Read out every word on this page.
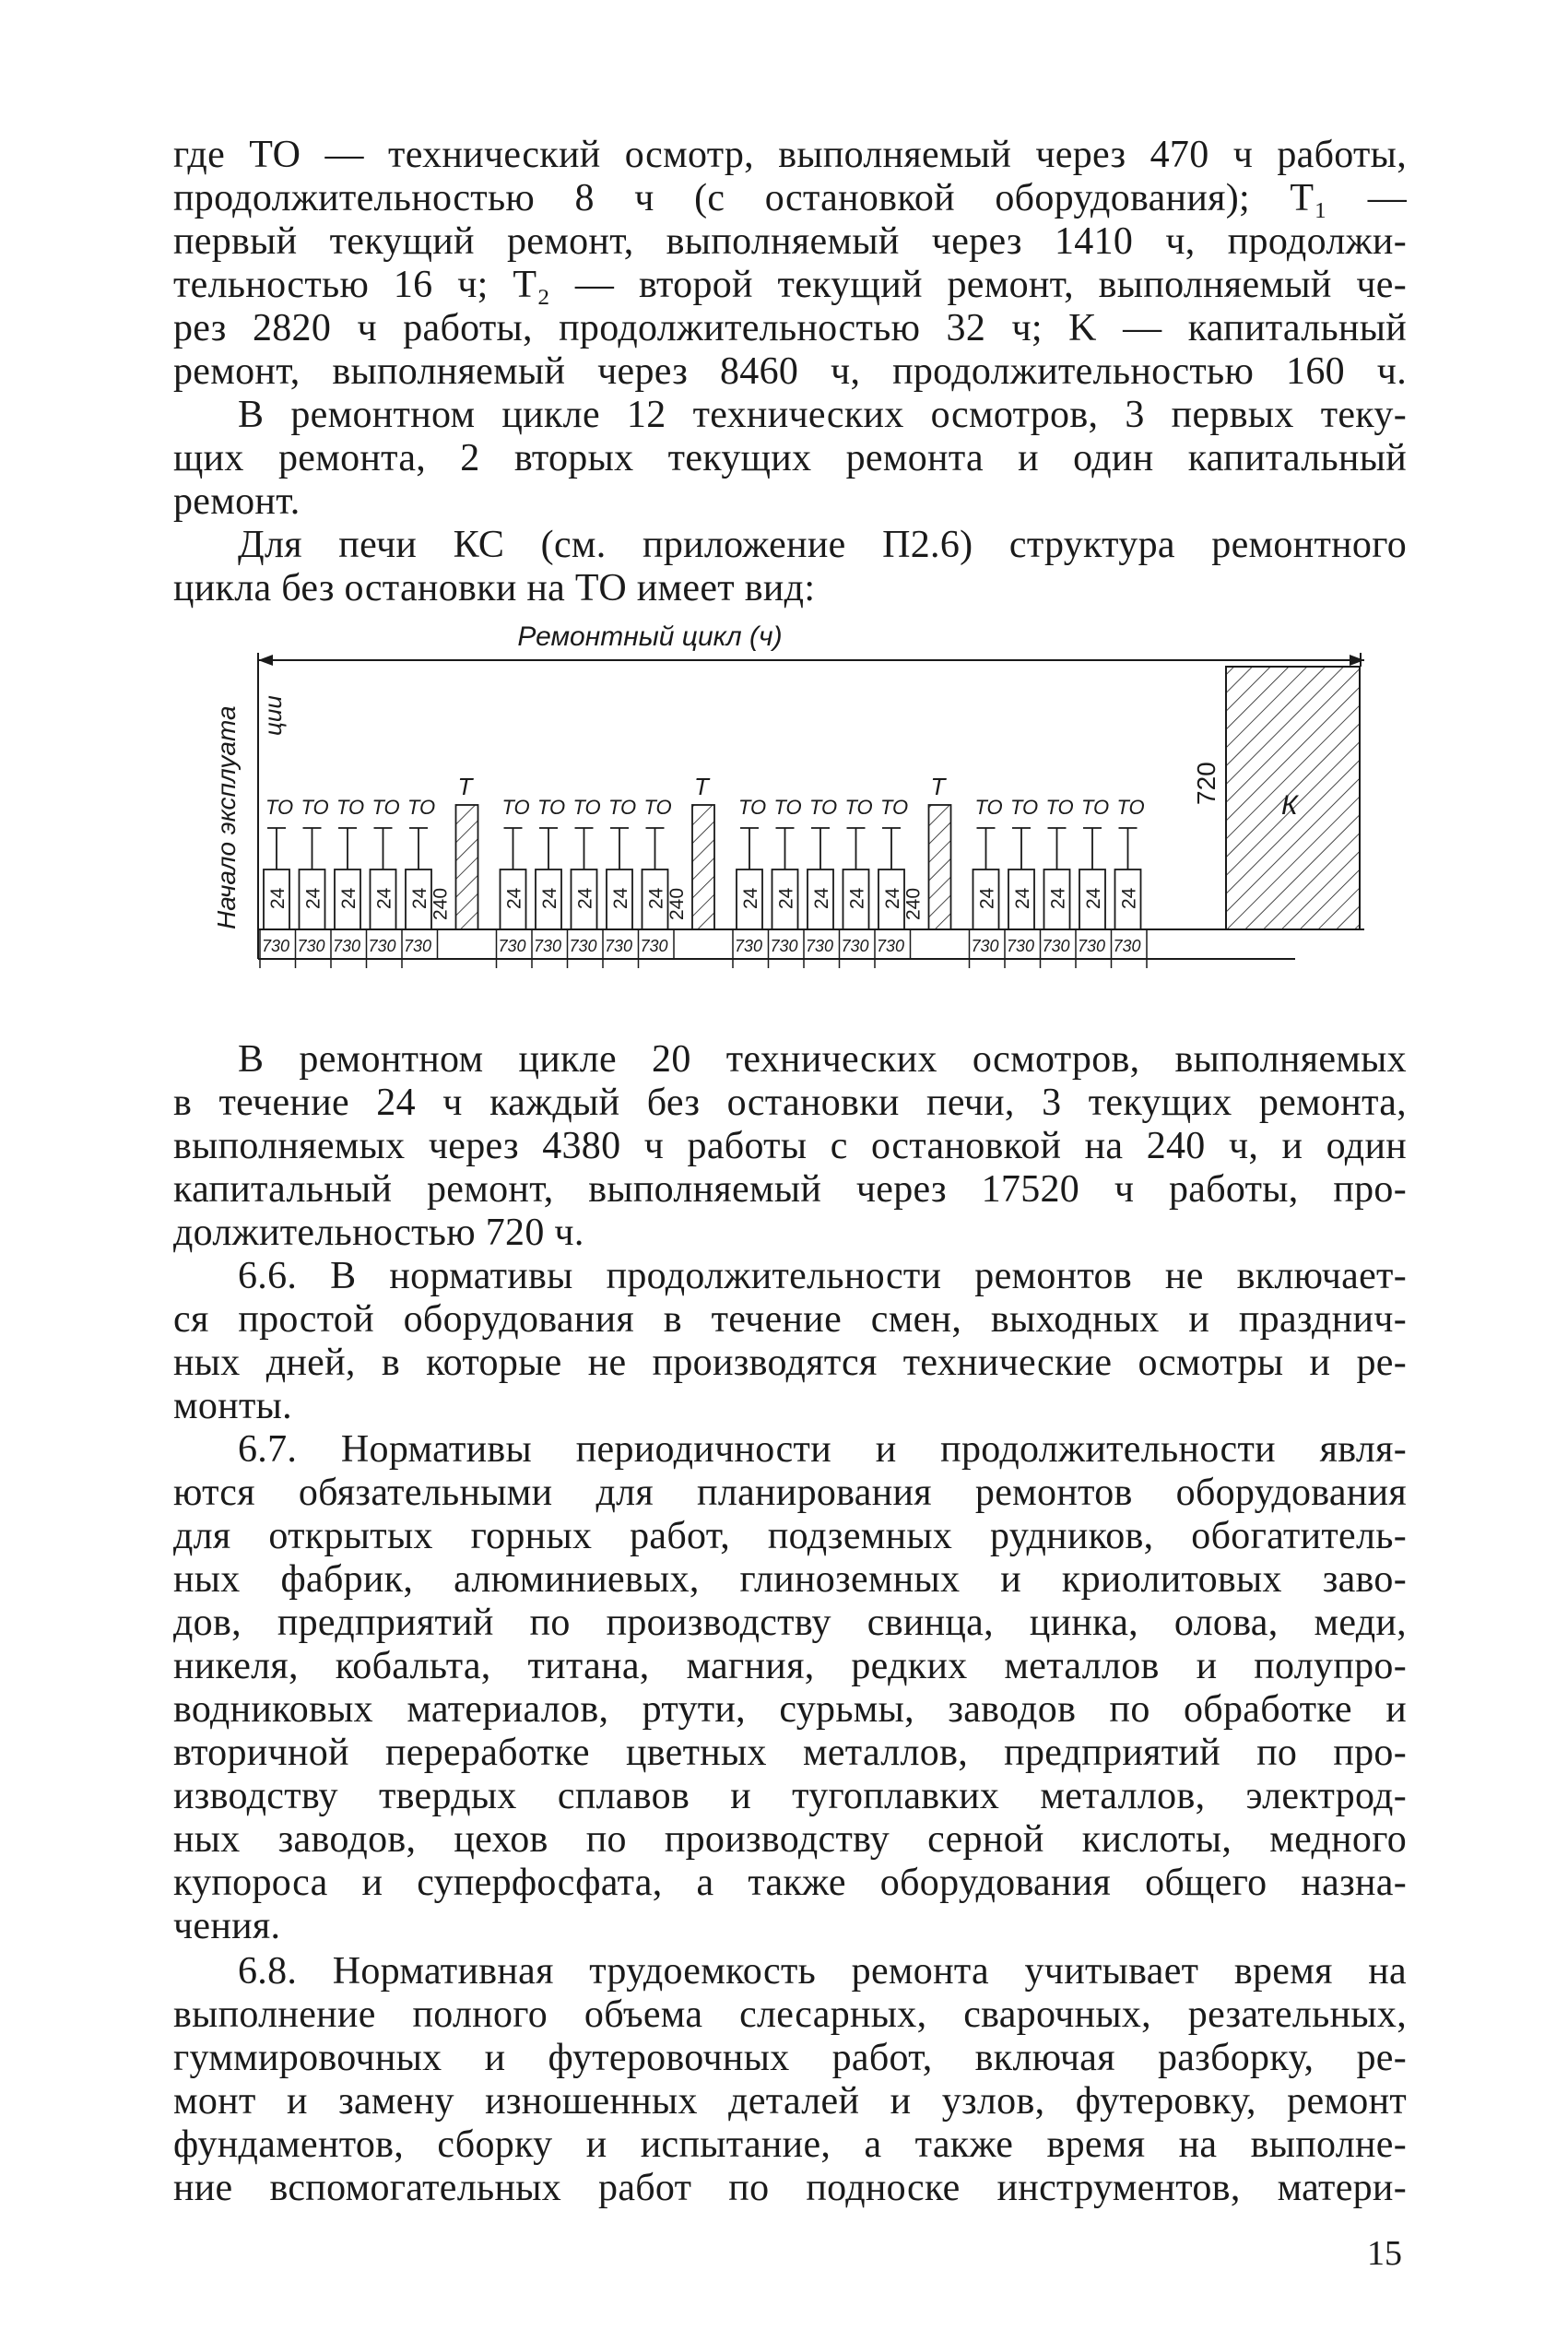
где ТО — технический осмотр, выполняемый через 470 ч работы,
продолжительностью 8 ч (с остановкой оборудования); T₁ —
первый текущий ремонт, выполняемый через 1410 ч, продолжи-
тельностью 16 ч; T₂ — второй текущий ремонт, выполняемый че-
рез 2820 ч работы, продолжительностью 32 ч; K — капитальный
ремонт, выполняемый через 8460 ч, продолжительностью 160 ч.
В ремонтном цикле 12 технических осмотров, 3 первых теку-
щих ремонта, 2 вторых текущих ремонта и один капитальный
ремонт.
Для печи КС (см. приложение П2.6) структура ремонтного
цикла без остановки на ТО имеет вид:
Ремонтный цикл (ч)
Начало эксплуата ции
ТО
24
730
ТО
24
730
ТО
24
730
ТО
24
730
ТО
24
730
240
Т
ТО
24
730
ТО
24
730
ТО
24
730
ТО
24
730
ТО
24
730
240
Т
ТО
24
730
ТО
24
730
ТО
24
730
ТО
24
730
ТО
24
730
240
Т
ТО
24
730
ТО
24
730
ТО
24
730
ТО
24
730
ТО
24
730
К
720
В ремонтном цикле 20 технических осмотров, выполняемых
в течение 24 ч каждый без остановки печи, 3 текущих ремонта,
выполняемых через 4380 ч работы с остановкой на 240 ч, и один
капитальный ремонт, выполняемый через 17520 ч работы, про-
должительностью 720 ч.
6.6. В нормативы продолжительности ремонтов не включает-
ся простой оборудования в течение смен, выходных и празднич-
ных дней, в которые не производятся технические осмотры и ре-
монты.
6.7. Нормативы периодичности и продолжительности явля-
ются обязательными для планирования ремонтов оборудования
для открытых горных работ, подземных рудников, обогатитель-
ных фабрик, алюминиевых, глиноземных и криолитовых заво-
дов, предприятий по производству свинца, цинка, олова, меди,
никеля, кобальта, титана, магния, редких металлов и полупро-
водниковых материалов, ртути, сурьмы, заводов по обработке и
вторичной переработке цветных металлов, предприятий по про-
изводству твердых сплавов и тугоплавких металлов, электрод-
ных заводов, цехов по производству серной кислоты, медного
купороса и суперфосфата, а также оборудования общего назна-
чения.
6.8. Нормативная трудоемкость ремонта учитывает время на
выполнение полного объема слесарных, сварочных, резательных,
гуммировочных и футеровочных работ, включая разборку, ре-
монт и замену изношенных деталей и узлов, футеровку, ремонт
фундаментов, сборку и испытание, а также время на выполне-
ние вспомогательных работ по подноске инструментов, матери-
15
